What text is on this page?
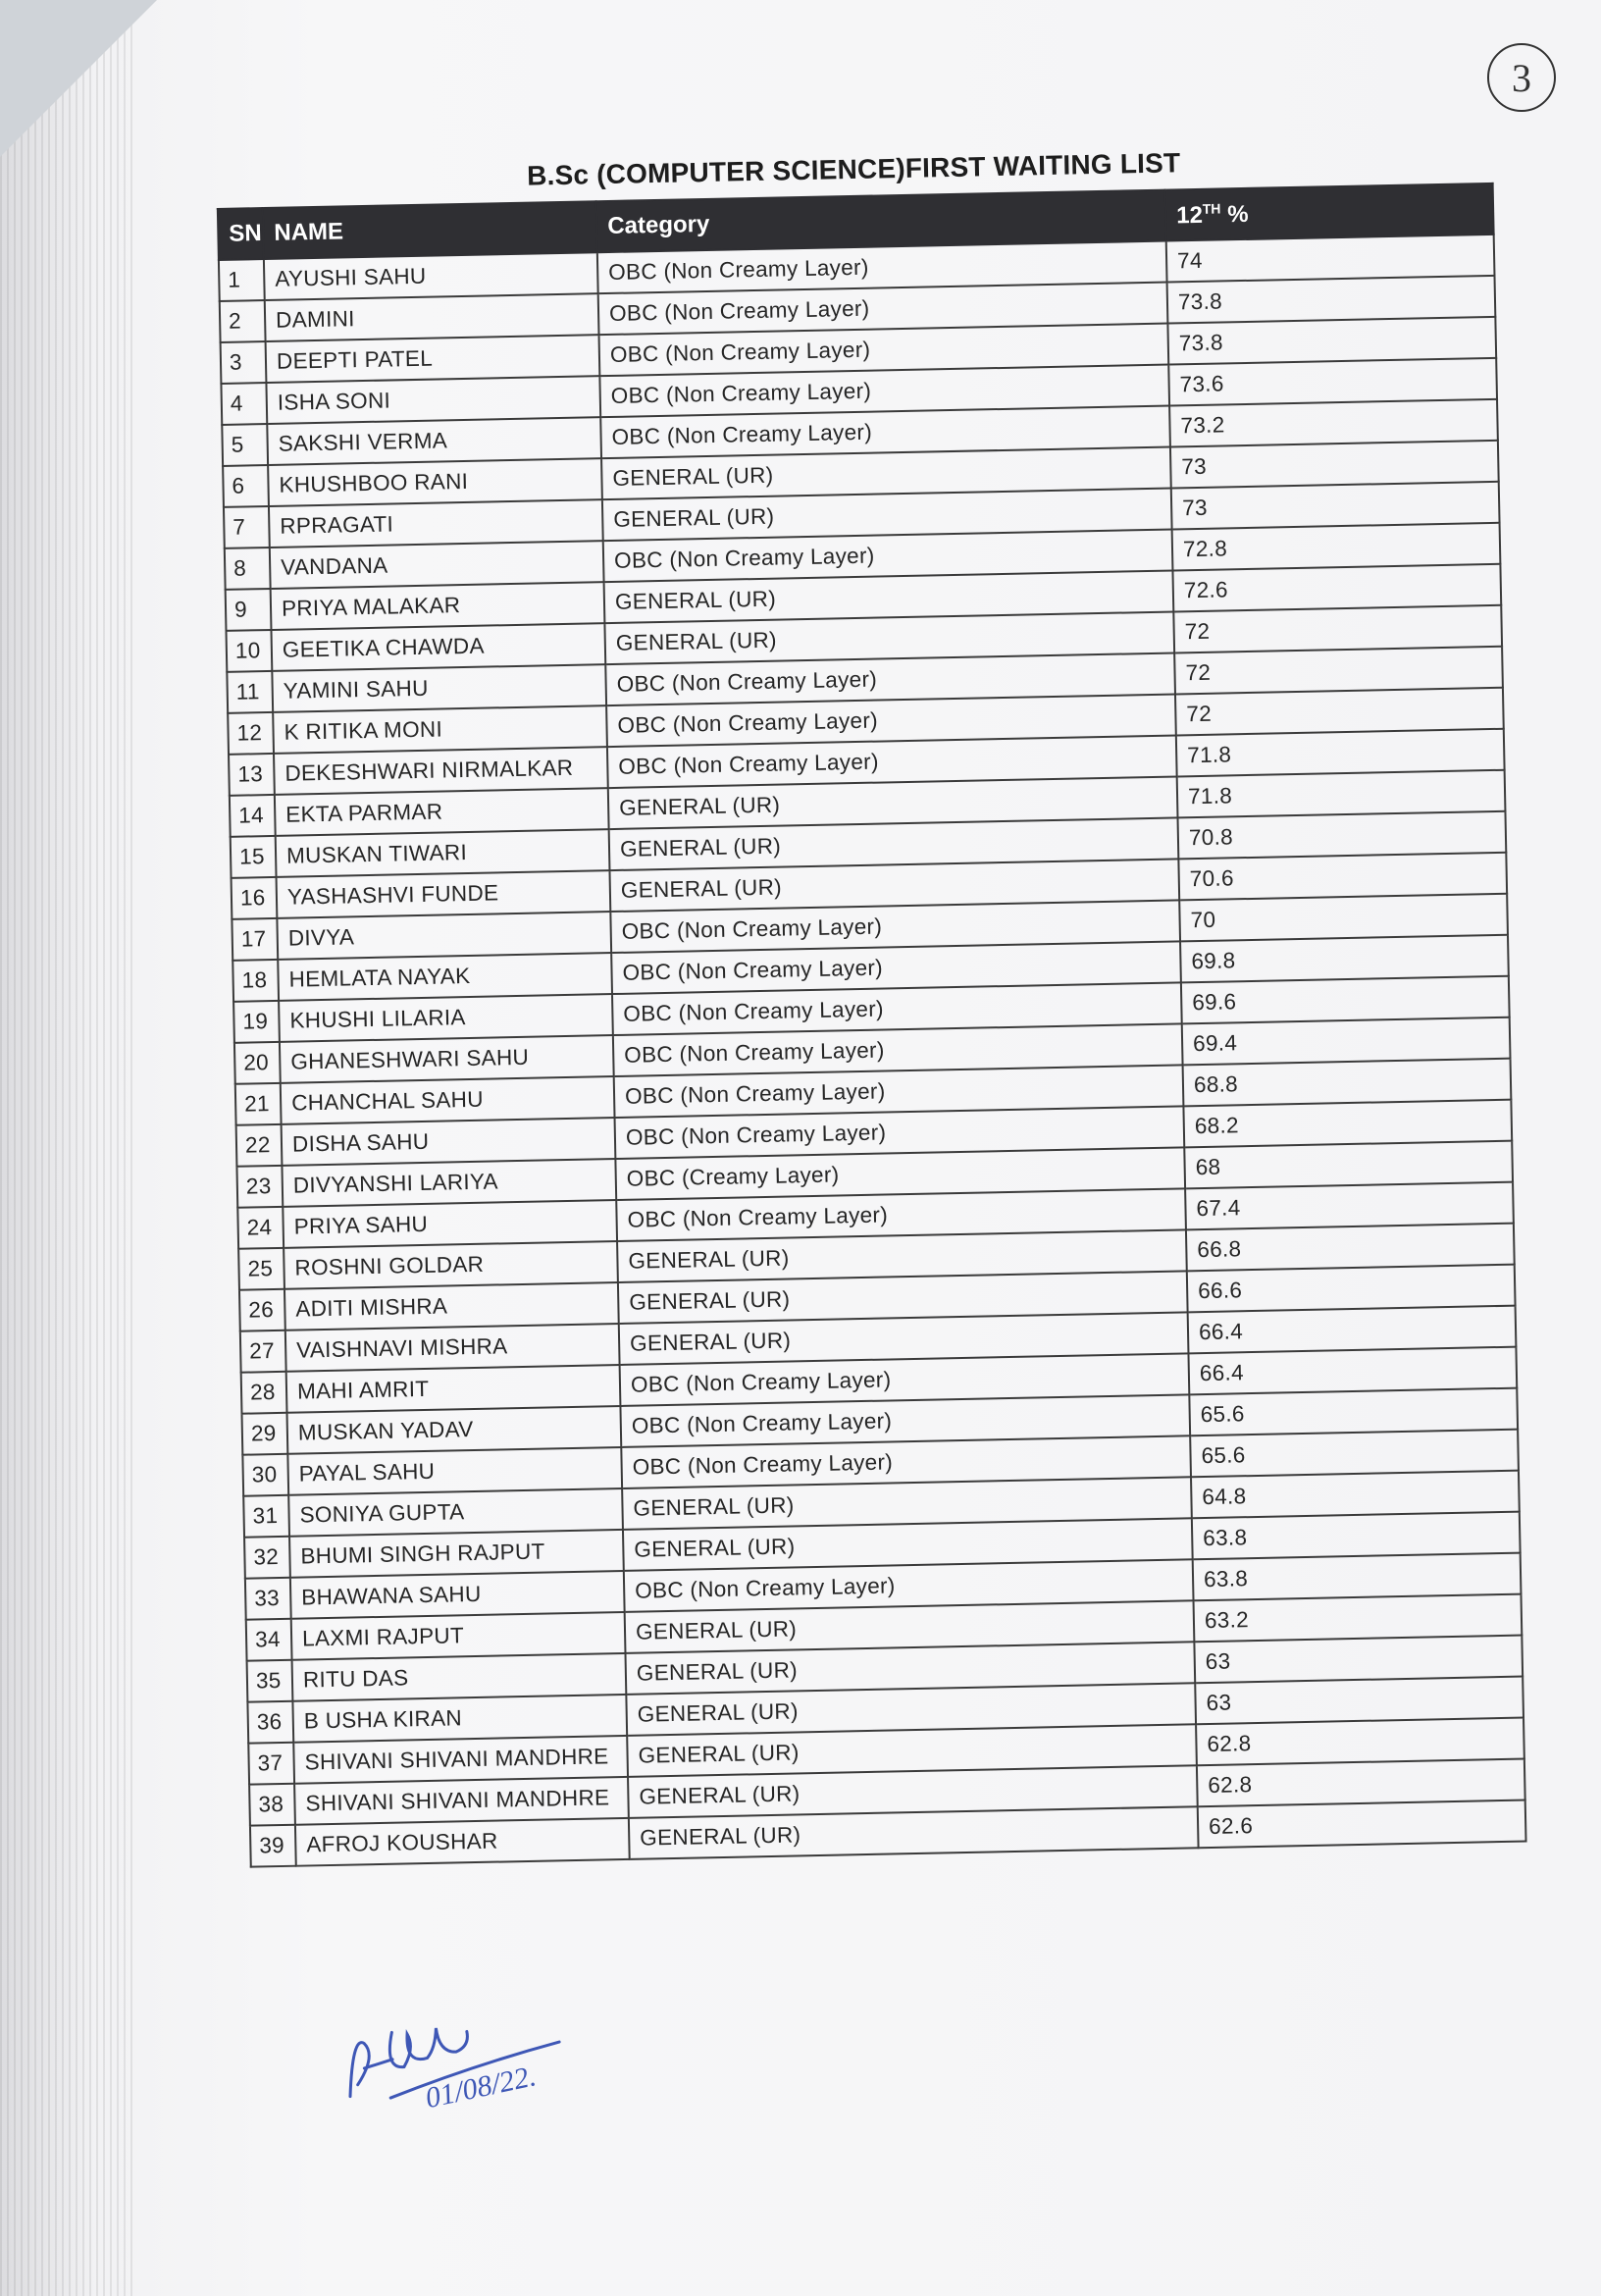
3
B.Sc (COMPUTER SCIENCE)FIRST WAITING LIST
SN	NAME	Category	12TH %
1	AYUSHI SAHU	OBC (Non Creamy Layer)	74
2	DAMINI	OBC (Non Creamy Layer)	73.8
3	DEEPTI PATEL	OBC (Non Creamy Layer)	73.8
4	ISHA SONI	OBC (Non Creamy Layer)	73.6
5	SAKSHI VERMA	OBC (Non Creamy Layer)	73.2
6	KHUSHBOO RANI	GENERAL (UR)	73
7	RPRAGATI	GENERAL (UR)	73
8	VANDANA	OBC (Non Creamy Layer)	72.8
9	PRIYA MALAKAR	GENERAL (UR)	72.6
10	GEETIKA CHAWDA	GENERAL (UR)	72
11	YAMINI SAHU	OBC (Non Creamy Layer)	72
12	K RITIKA MONI	OBC (Non Creamy Layer)	72
13	DEKESHWARI NIRMALKAR	OBC (Non Creamy Layer)	71.8
14	EKTA PARMAR	GENERAL (UR)	71.8
15	MUSKAN TIWARI	GENERAL (UR)	70.8
16	YASHASHVI FUNDE	GENERAL (UR)	70.6
17	DIVYA	OBC (Non Creamy Layer)	70
18	HEMLATA NAYAK	OBC (Non Creamy Layer)	69.8
19	KHUSHI LILARIA	OBC (Non Creamy Layer)	69.6
20	GHANESHWARI SAHU	OBC (Non Creamy Layer)	69.4
21	CHANCHAL SAHU	OBC (Non Creamy Layer)	68.8
22	DISHA SAHU	OBC (Non Creamy Layer)	68.2
23	DIVYANSHI LARIYA	OBC (Creamy Layer)	68
24	PRIYA SAHU	OBC (Non Creamy Layer)	67.4
25	ROSHNI GOLDAR	GENERAL (UR)	66.8
26	ADITI MISHRA	GENERAL (UR)	66.6
27	VAISHNAVI MISHRA	GENERAL (UR)	66.4
28	MAHI AMRIT	OBC (Non Creamy Layer)	66.4
29	MUSKAN YADAV	OBC (Non Creamy Layer)	65.6
30	PAYAL SAHU	OBC (Non Creamy Layer)	65.6
31	SONIYA GUPTA	GENERAL (UR)	64.8
32	BHUMI SINGH RAJPUT	GENERAL (UR)	63.8
33	BHAWANA SAHU	OBC (Non Creamy Layer)	63.8
34	LAXMI RAJPUT	GENERAL (UR)	63.2
35	RITU DAS	GENERAL (UR)	63
36	B USHA KIRAN	GENERAL (UR)	63
37	SHIVANI SHIVANI MANDHRE	GENERAL (UR)	62.8
38	SHIVANI SHIVANI MANDHRE	GENERAL (UR)	62.8
39	AFROJ KOUSHAR	GENERAL (UR)	62.6
ABhatia
01/08/22.
